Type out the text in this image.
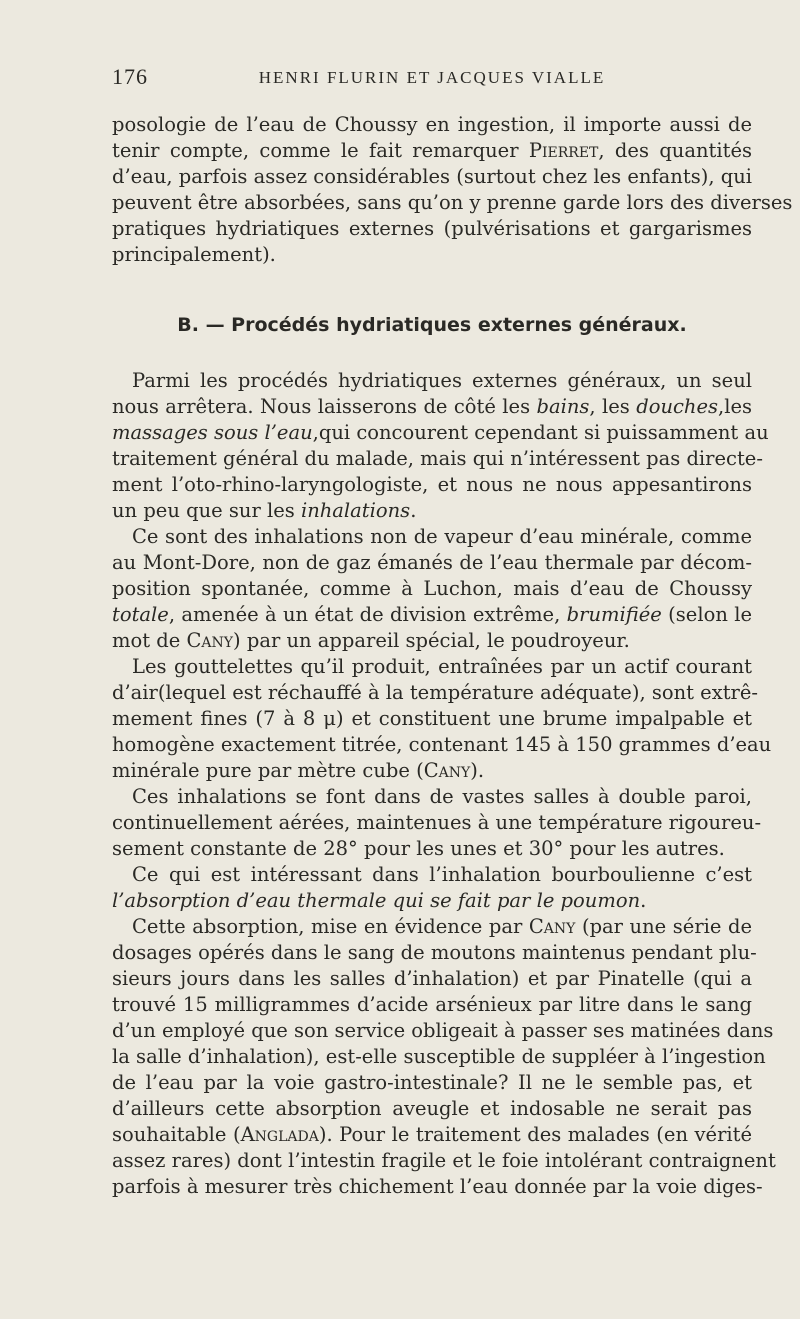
176	HENRI FLURIN ET JACQUES VIALLE
posologie de l’eau de Choussy en ingestion, il importe aussi de
tenir compte, comme le fait remarquer Pierret, des quantités
d’eau, parfois assez considérables (surtout chez les enfants), qui
peuvent être absorbées, sans qu’on y prenne garde lors des diverses
pratiques hydriatiques externes (pulvérisations et gargarismes
principalement).
B. — Procédés hydriatiques externes généraux.
Parmi les procédés hydriatiques externes généraux, un seul
nous arrêtera. Nous laisserons de côté les bains, les douches,les
massages sous l’eau,qui concourent cependant si puissamment au
traitement général du malade, mais qui n’intéressent pas directe-
ment l’oto-rhino-laryngologiste, et nous ne nous appesantirons
un peu que sur les inhalations.
Ce sont des inhalations non de vapeur d’eau minérale, comme
au Mont-Dore, non de gaz émanés de l’eau thermale par décom-
position spontanée, comme à Luchon, mais d’eau de Choussy
totale, amenée à un état de division extrême, brumifiée (selon le
mot de Cany) par un appareil spécial, le poudroyeur.
Les gouttelettes qu’il produit, entraînées par un actif courant
d’air(lequel est réchauffé à la température adéquate), sont extrê-
mement fines (7 à 8 μ) et constituent une brume impalpable et
homogène exactement titrée, contenant 145 à 150 grammes d’eau
minérale pure par mètre cube (Cany).
Ces inhalations se font dans de vastes salles à double paroi,
continuellement aérées, maintenues à une température rigoureu-
sement constante de 28° pour les unes et 30° pour les autres.
Ce qui est intéressant dans l’inhalation bourboulienne c’est
l’absorption d’eau thermale qui se fait par le poumon.
Cette absorption, mise en évidence par Cany (par une série de
dosages opérés dans le sang de moutons maintenus pendant plu-
sieurs jours dans les salles d’inhalation) et par Pinatelle (qui a
trouvé 15 milligrammes d’acide arsénieux par litre dans le sang
d’un employé que son service obligeait à passer ses matinées dans
la salle d’inhalation), est-elle susceptible de suppléer à l’ingestion
de l’eau par la voie gastro-intestinale? Il ne le semble pas, et
d’ailleurs cette absorption aveugle et indosable ne serait pas
souhaitable (Anglada). Pour le traitement des malades (en vérité
assez rares) dont l’intestin fragile et le foie intolérant contraignent
parfois à mesurer très chichement l’eau donnée par la voie diges-
